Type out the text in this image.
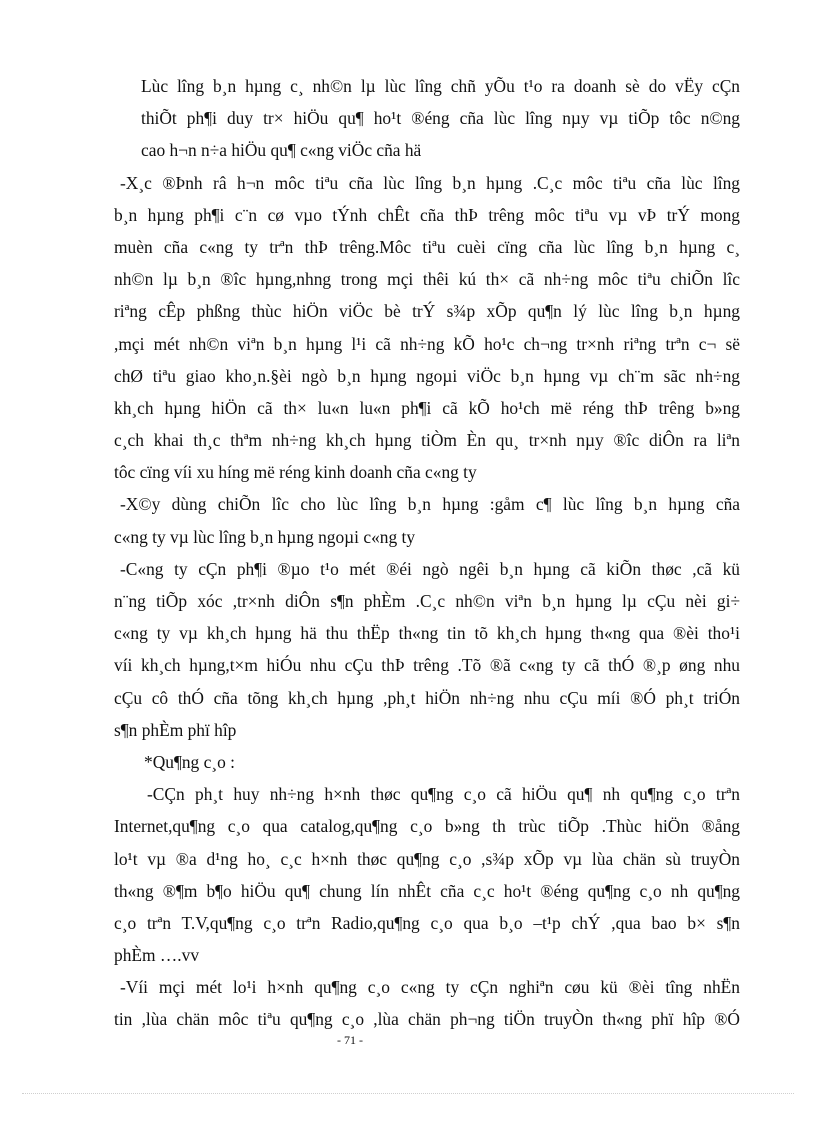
Lùc lîng b¸n hµng c¸ nh©n lµ lùc lîng chñ yÕu t¹o ra doanh sè do vËy cÇn
thiÕt ph¶i duy tr× hiÖu qu¶ ho¹t ®éng cña lùc lîng nµy vµ tiÕp tôc n©ng
cao h¬n n÷a hiÖu qu¶ c«ng viÖc cña hä
-X¸c ®Þnh râ h¬n môc tiªu cña lùc lîng b¸n hµng .C¸c môc tiªu cña lùc lîng
b¸n hµng ph¶i c¨n cø vµo tÝnh chÊt cña thÞ trêng môc tiªu vµ vÞ trÝ mong
muèn cña c«ng ty trªn thÞ trêng.Môc tiªu cuèi cïng cña lùc lîng b¸n hµng c¸
nh©n lµ b¸n ®îc hµng,nhng trong mçi thêi kú th× cã nh÷ng môc tiªu chiÕn lîc
riªng cÊp phßng thùc hiÖn viÖc bè trÝ s¾p xÕp qu¶n lý lùc lîng b¸n hµng
,mçi mét nh©n viªn b¸n hµng l¹i cã nh÷ng kÕ ho¹c ch¬ng tr×nh riªng trªn c¬ së
chØ tiªu giao kho¸n.§èi ngò b¸n hµng ngoµi viÖc b¸n hµng vµ ch¨m sãc nh÷ng
kh¸ch hµng hiÖn cã th× lu«n lu«n ph¶i cã kÕ ho¹ch më réng thÞ trêng b»ng
c¸ch khai th¸c thªm nh÷ng kh¸ch hµng tiÒm Èn qu¸ tr×nh nµy ®îc diÔn ra liªn
tôc cïng víi xu híng më réng kinh doanh cña c«ng ty
-X©y dùng chiÕn lîc cho lùc lîng b¸n hµng :gåm c¶ lùc lîng b¸n hµng cña
c«ng ty vµ lùc lîng b¸n hµng ngoµi c«ng ty
-C«ng ty cÇn ph¶i ®µo t¹o mét ®éi ngò ngêi b¸n hµng cã kiÕn thøc ,cã kü
n¨ng tiÕp xóc ,tr×nh diÔn s¶n phÈm .C¸c nh©n viªn b¸n hµng lµ cÇu nèi gi÷
c«ng ty vµ kh¸ch hµng hä thu thËp th«ng tin tõ kh¸ch hµng th«ng qua ®èi tho¹i
víi kh¸ch hµng,t×m hiÓu nhu cÇu thÞ trêng .Tõ ®ã c«ng ty cã thÓ ®¸p øng nhu
cÇu cô thÓ cña tõng kh¸ch hµng ,ph¸t hiÖn nh÷ng nhu cÇu míi ®Ó ph¸t triÓn
s¶n phÈm phï hîp
*Qu¶ng c¸o :
-CÇn ph¸t huy nh÷ng h×nh thøc qu¶ng c¸o cã hiÖu qu¶ nh qu¶ng c¸o trªn
Internet,qu¶ng c¸o qua catalog,qu¶ng c¸o b»ng th trùc tiÕp .Thùc hiÖn ®ång
lo¹t vµ ®a d¹ng ho¸ c¸c h×nh thøc qu¶ng c¸o ,s¾p xÕp vµ lùa chän sù truyÒn
th«ng ®¶m b¶o hiÖu qu¶ chung lín nhÊt cña c¸c ho¹t ®éng qu¶ng c¸o nh qu¶ng
c¸o trªn T.V,qu¶ng c¸o trªn Radio,qu¶ng c¸o qua b¸o –t¹p chÝ ,qua bao b× s¶n
phÈm ….vv
-Víi mçi mét lo¹i h×nh qu¶ng c¸o c«ng ty cÇn nghiªn cøu kü ®èi tîng nhËn
tin ,lùa chän môc tiªu qu¶ng c¸o ,lùa chän ph¬ng tiÖn truyÒn th«ng phï hîp ®Ó
- 71 -
